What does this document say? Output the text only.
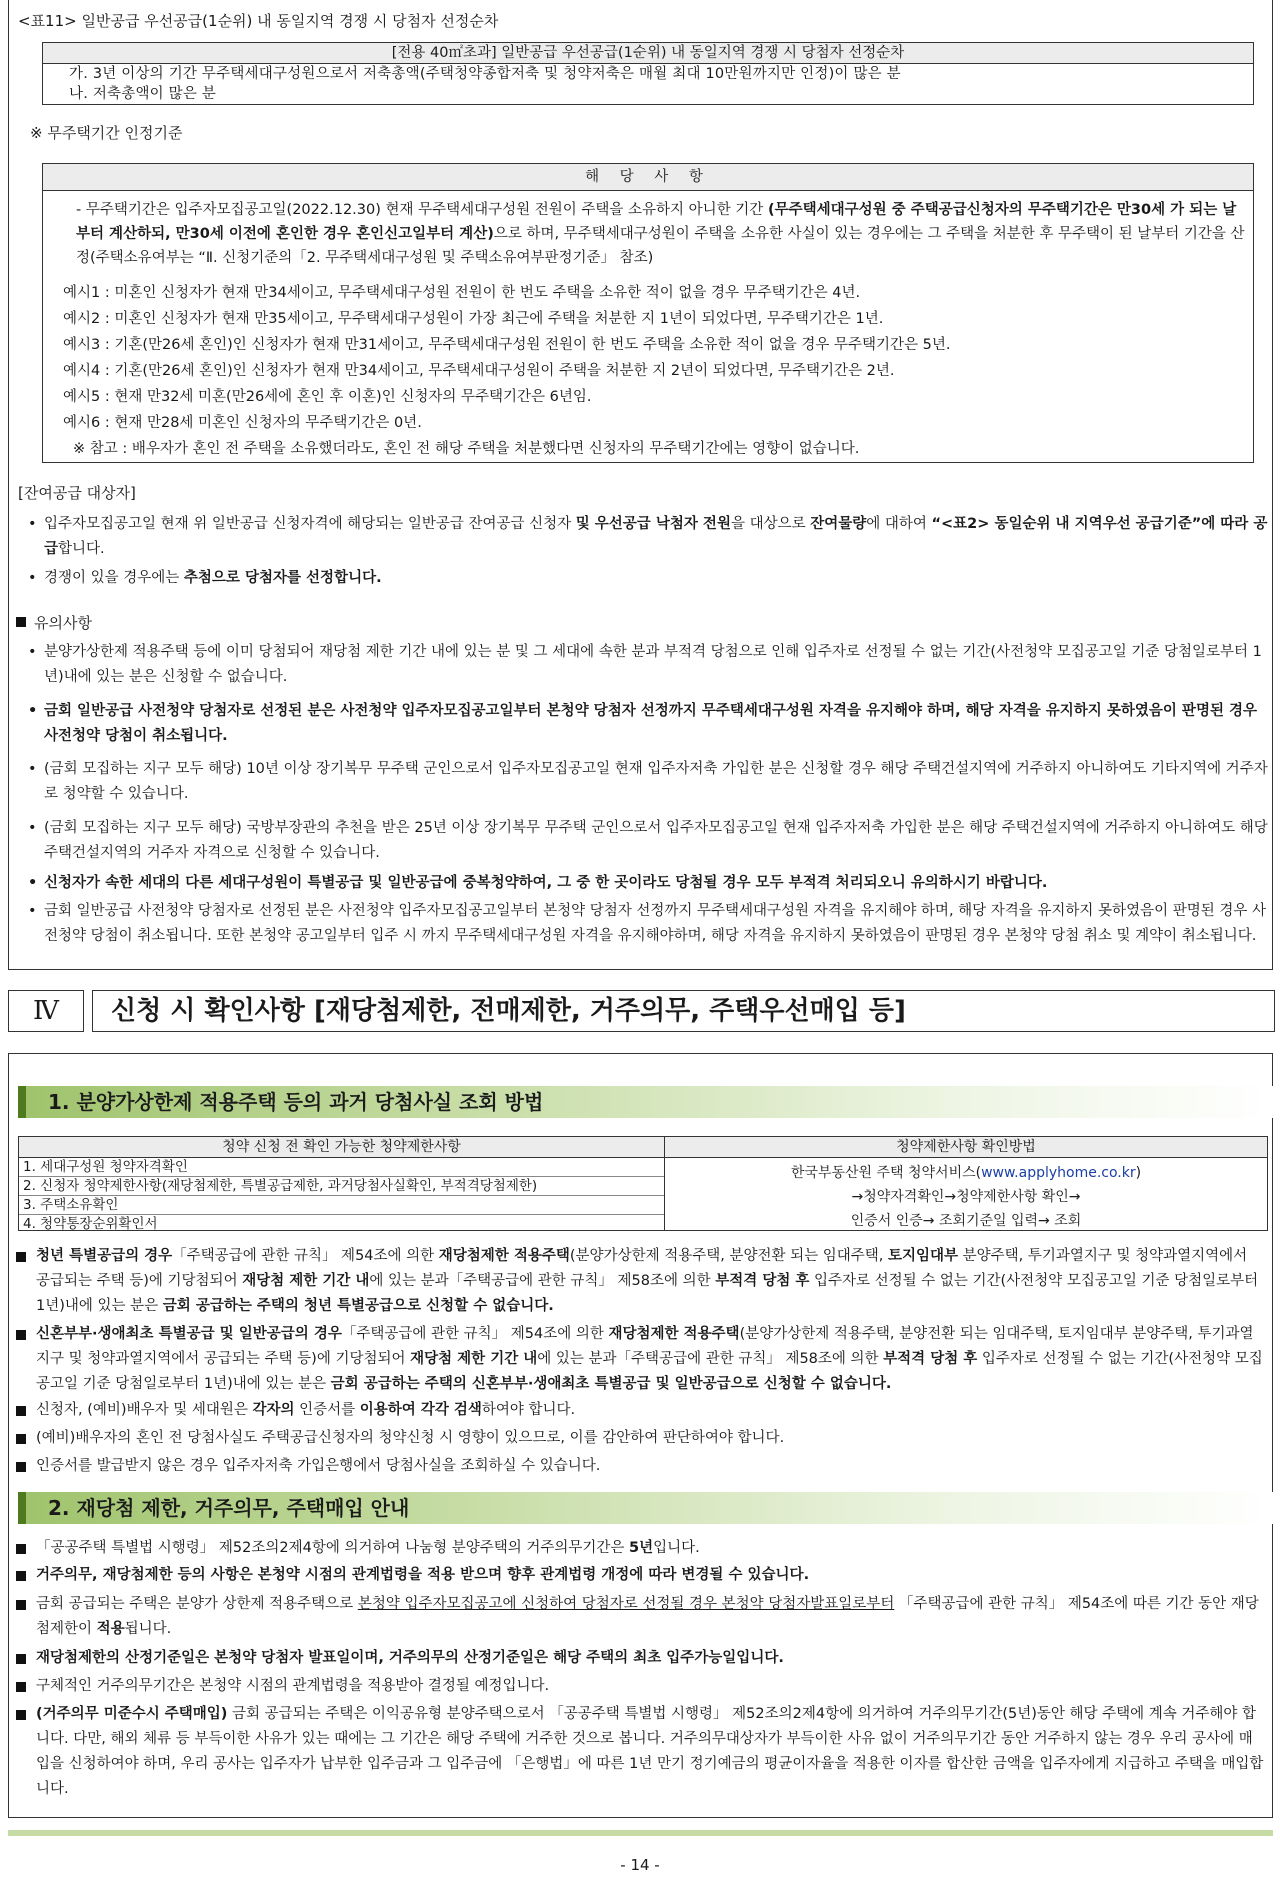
<표11> 일반공급 우선공급(1순위) 내 동일지역 경쟁 시 당첨자 선정순차
[전용 40㎡초과] 일반공급 우선공급(1순위) 내 동일지역 경쟁 시 당첨자 선정순차
가. 3년 이상의 기간 무주택세대구성원으로서 저축총액(주택청약종합저축 및 청약저축은 매월 최대 10만원까지만 인정)이 많은 분
나. 저축총액이 많은 분
※ 무주택기간 인정기준
해 당 사 항
- 무주택기간은 입주자모집공고일(2022.12.30) 현재 무주택세대구성원 전원이 주택을 소유하지 아니한 기간 (무주택세대구성원 중 주택공급신청자의 무주택기간은 만30세 가 되는 날부터 계산하되, 만30세 이전에 혼인한 경우 혼인신고일부터 계산)으로 하며, 무주택세대구성원이 주택을 소유한 사실이 있는 경우에는 그 주택을 처분한 후 무주택이 된 날부터 기간을 산정(주택소유여부는 “Ⅱ. 신청기준의「2. 무주택세대구성원 및 주택소유여부판정기준」 참조)
예시1 : 미혼인 신청자가 현재 만34세이고, 무주택세대구성원 전원이 한 번도 주택을 소유한 적이 없을 경우 무주택기간은 4년.
예시2 : 미혼인 신청자가 현재 만35세이고, 무주택세대구성원이 가장 최근에 주택을 처분한 지 1년이 되었다면, 무주택기간은 1년.
예시3 : 기혼(만26세 혼인)인 신청자가 현재 만31세이고, 무주택세대구성원 전원이 한 번도 주택을 소유한 적이 없을 경우 무주택기간은 5년.
예시4 : 기혼(만26세 혼인)인 신청자가 현재 만34세이고, 무주택세대구성원이 주택을 처분한 지 2년이 되었다면, 무주택기간은 2년.
예시5 : 현재 만32세 미혼(만26세에 혼인 후 이혼)인 신청자의 무주택기간은 6년임.
예시6 : 현재 만28세 미혼인 신청자의 무주택기간은 0년.
※ 참고 : 배우자가 혼인 전 주택을 소유했더라도, 혼인 전 해당 주택을 처분했다면 신청자의 무주택기간에는 영향이 없습니다.
[잔여공급 대상자]
• 입주자모집공고일 현재 위 일반공급 신청자격에 해당되는 일반공급 잔여공급 신청자 및 우선공급 낙첨자 전원을 대상으로 잔여물량에 대하여 “<표2> 동일순위 내 지역우선 공급기준”에 따라 공급합니다.
• 경쟁이 있을 경우에는 추첨으로 당첨자를 선정합니다.
유의사항
• 분양가상한제 적용주택 등에 이미 당첨되어 재당첨 제한 기간 내에 있는 분 및 그 세대에 속한 분과 부적격 당첨으로 인해 입주자로 선정될 수 없는 기간(사전청약 모집공고일 기준 당첨일로부터 1년)내에 있는 분은 신청할 수 없습니다.
• 금회 일반공급 사전청약 당첨자로 선정된 분은 사전청약 입주자모집공고일부터 본청약 당첨자 선정까지 무주택세대구성원 자격을 유지해야 하며, 해당 자격을 유지하지 못하였음이 판명된 경우 사전청약 당첨이 취소됩니다.
• (금회 모집하는 지구 모두 해당) 10년 이상 장기복무 무주택 군인으로서 입주자모집공고일 현재 입주자저축 가입한 분은 신청할 경우 해당 주택건설지역에 거주하지 아니하여도 기타지역에 거주자로 청약할 수 있습니다.
• (금회 모집하는 지구 모두 해당) 국방부장관의 추천을 받은 25년 이상 장기복무 무주택 군인으로서 입주자모집공고일 현재 입주자저축 가입한 분은 해당 주택건설지역에 거주하지 아니하여도 해당 주택건설지역의 거주자 자격으로 신청할 수 있습니다.
• 신청자가 속한 세대의 다른 세대구성원이 특별공급 및 일반공급에 중복청약하여, 그 중 한 곳이라도 당첨될 경우 모두 부적격 처리되오니 유의하시기 바랍니다.
• 금회 일반공급 사전청약 당첨자로 선정된 분은 사전청약 입주자모집공고일부터 본청약 당첨자 선정까지 무주택세대구성원 자격을 유지해야 하며, 해당 자격을 유지하지 못하였음이 판명된 경우 사전청약 당첨이 취소됩니다. 또한 본청약 공고일부터 입주 시 까지 무주택세대구성원 자격을 유지해야하며, 해당 자격을 유지하지 못하였음이 판명된 경우 본청약 당첨 취소 및 계약이 취소됩니다.
Ⅳ	신청 시 확인사항 [재당첨제한, 전매제한, 거주의무, 주택우선매입 등]
1. 분양가상한제 적용주택 등의 과거 당첨사실 조회 방법
청약 신청 전 확인 가능한 청약제한사항
1. 세대구성원 청약자격확인
2. 신청자 청약제한사항(재당첨제한, 특별공급제한, 과거당첨사실확인, 부적격당첨제한)
3. 주택소유확인
4. 청약통장순위확인서
청약제한사항 확인방법
한국부동산원 주택 청약서비스(www.applyhome.co.kr)
→청약자격확인→청약제한사항 확인→
인증서 인증→ 조회기준일 입력→ 조회
청년 특별공급의 경우「주택공급에 관한 규칙」 제54조에 의한 재당첨제한 적용주택(분양가상한제 적용주택, 분양전환 되는 임대주택, 토지임대부 분양주택, 투기과열지구 및 청약과열지역에서 공급되는 주택 등)에 기당첨되어 재당첨 제한 기간 내에 있는 분과「주택공급에 관한 규칙」 제58조에 의한 부적격 당첨 후 입주자로 선정될 수 없는 기간(사전청약 모집공고일 기준 당첨일로부터 1년)내에 있는 분은 금회 공급하는 주택의 청년 특별공급으로 신청할 수 없습니다.
신혼부부·생애최초 특별공급 및 일반공급의 경우「주택공급에 관한 규칙」 제54조에 의한 재당첨제한 적용주택(분양가상한제 적용주택, 분양전환 되는 임대주택, 토지임대부 분양주택, 투기과열지구 및 청약과열지역에서 공급되는 주택 등)에 기당첨되어 재당첨 제한 기간 내에 있는 분과「주택공급에 관한 규칙」 제58조에 의한 부적격 당첨 후 입주자로 선정될 수 없는 기간(사전청약 모집공고일 기준 당첨일로부터 1년)내에 있는 분은 금회 공급하는 주택의 신혼부부·생애최초 특별공급 및 일반공급으로 신청할 수 없습니다.
신청자, (예비)배우자 및 세대원은 각자의 인증서를 이용하여 각각 검색하여야 합니다.
(예비)배우자의 혼인 전 당첨사실도 주택공급신청자의 청약신청 시 영향이 있으므로, 이를 감안하여 판단하여야 합니다.
인증서를 발급받지 않은 경우 입주자저축 가입은행에서 당첨사실을 조회하실 수 있습니다.
2. 재당첨 제한, 거주의무, 주택매입 안내
「공공주택 특별법 시행령」 제52조의2제4항에 의거하여 나눔형 분양주택의 거주의무기간은 5년입니다.
거주의무, 재당첨제한 등의 사항은 본청약 시점의 관계법령을 적용 받으며 향후 관계법령 개정에 따라 변경될 수 있습니다.
금회 공급되는 주택은 분양가 상한제 적용주택으로 본청약 입주자모집공고에 신청하여 당첨자로 선정될 경우 본청약 당첨자발표일로부터 「주택공급에 관한 규칙」 제54조에 따른 기간 동안 재당첨제한이 적용됩니다.
재당첨제한의 산정기준일은 본청약 당첨자 발표일이며, 거주의무의 산정기준일은 해당 주택의 최초 입주가능일입니다.
구체적인 거주의무기간은 본청약 시점의 관계법령을 적용받아 결정될 예정입니다.
(거주의무 미준수시 주택매입) 금회 공급되는 주택은 이익공유형 분양주택으로서 「공공주택 특별법 시행령」 제52조의2제4항에 의거하여 거주의무기간(5년)동안 해당 주택에 계속 거주해야 합니다. 다만, 해외 체류 등 부득이한 사유가 있는 때에는 그 기간은 해당 주택에 거주한 것으로 봅니다. 거주의무대상자가 부득이한 사유 없이 거주의무기간 동안 거주하지 않는 경우 우리 공사에 매입을 신청하여야 하며, 우리 공사는 입주자가 납부한 입주금과 그 입주금에 「은행법」에 따른 1년 만기 정기예금의 평균이자율을 적용한 이자를 합산한 금액을 입주자에게 지급하고 주택을 매입합니다.
- 14 -
